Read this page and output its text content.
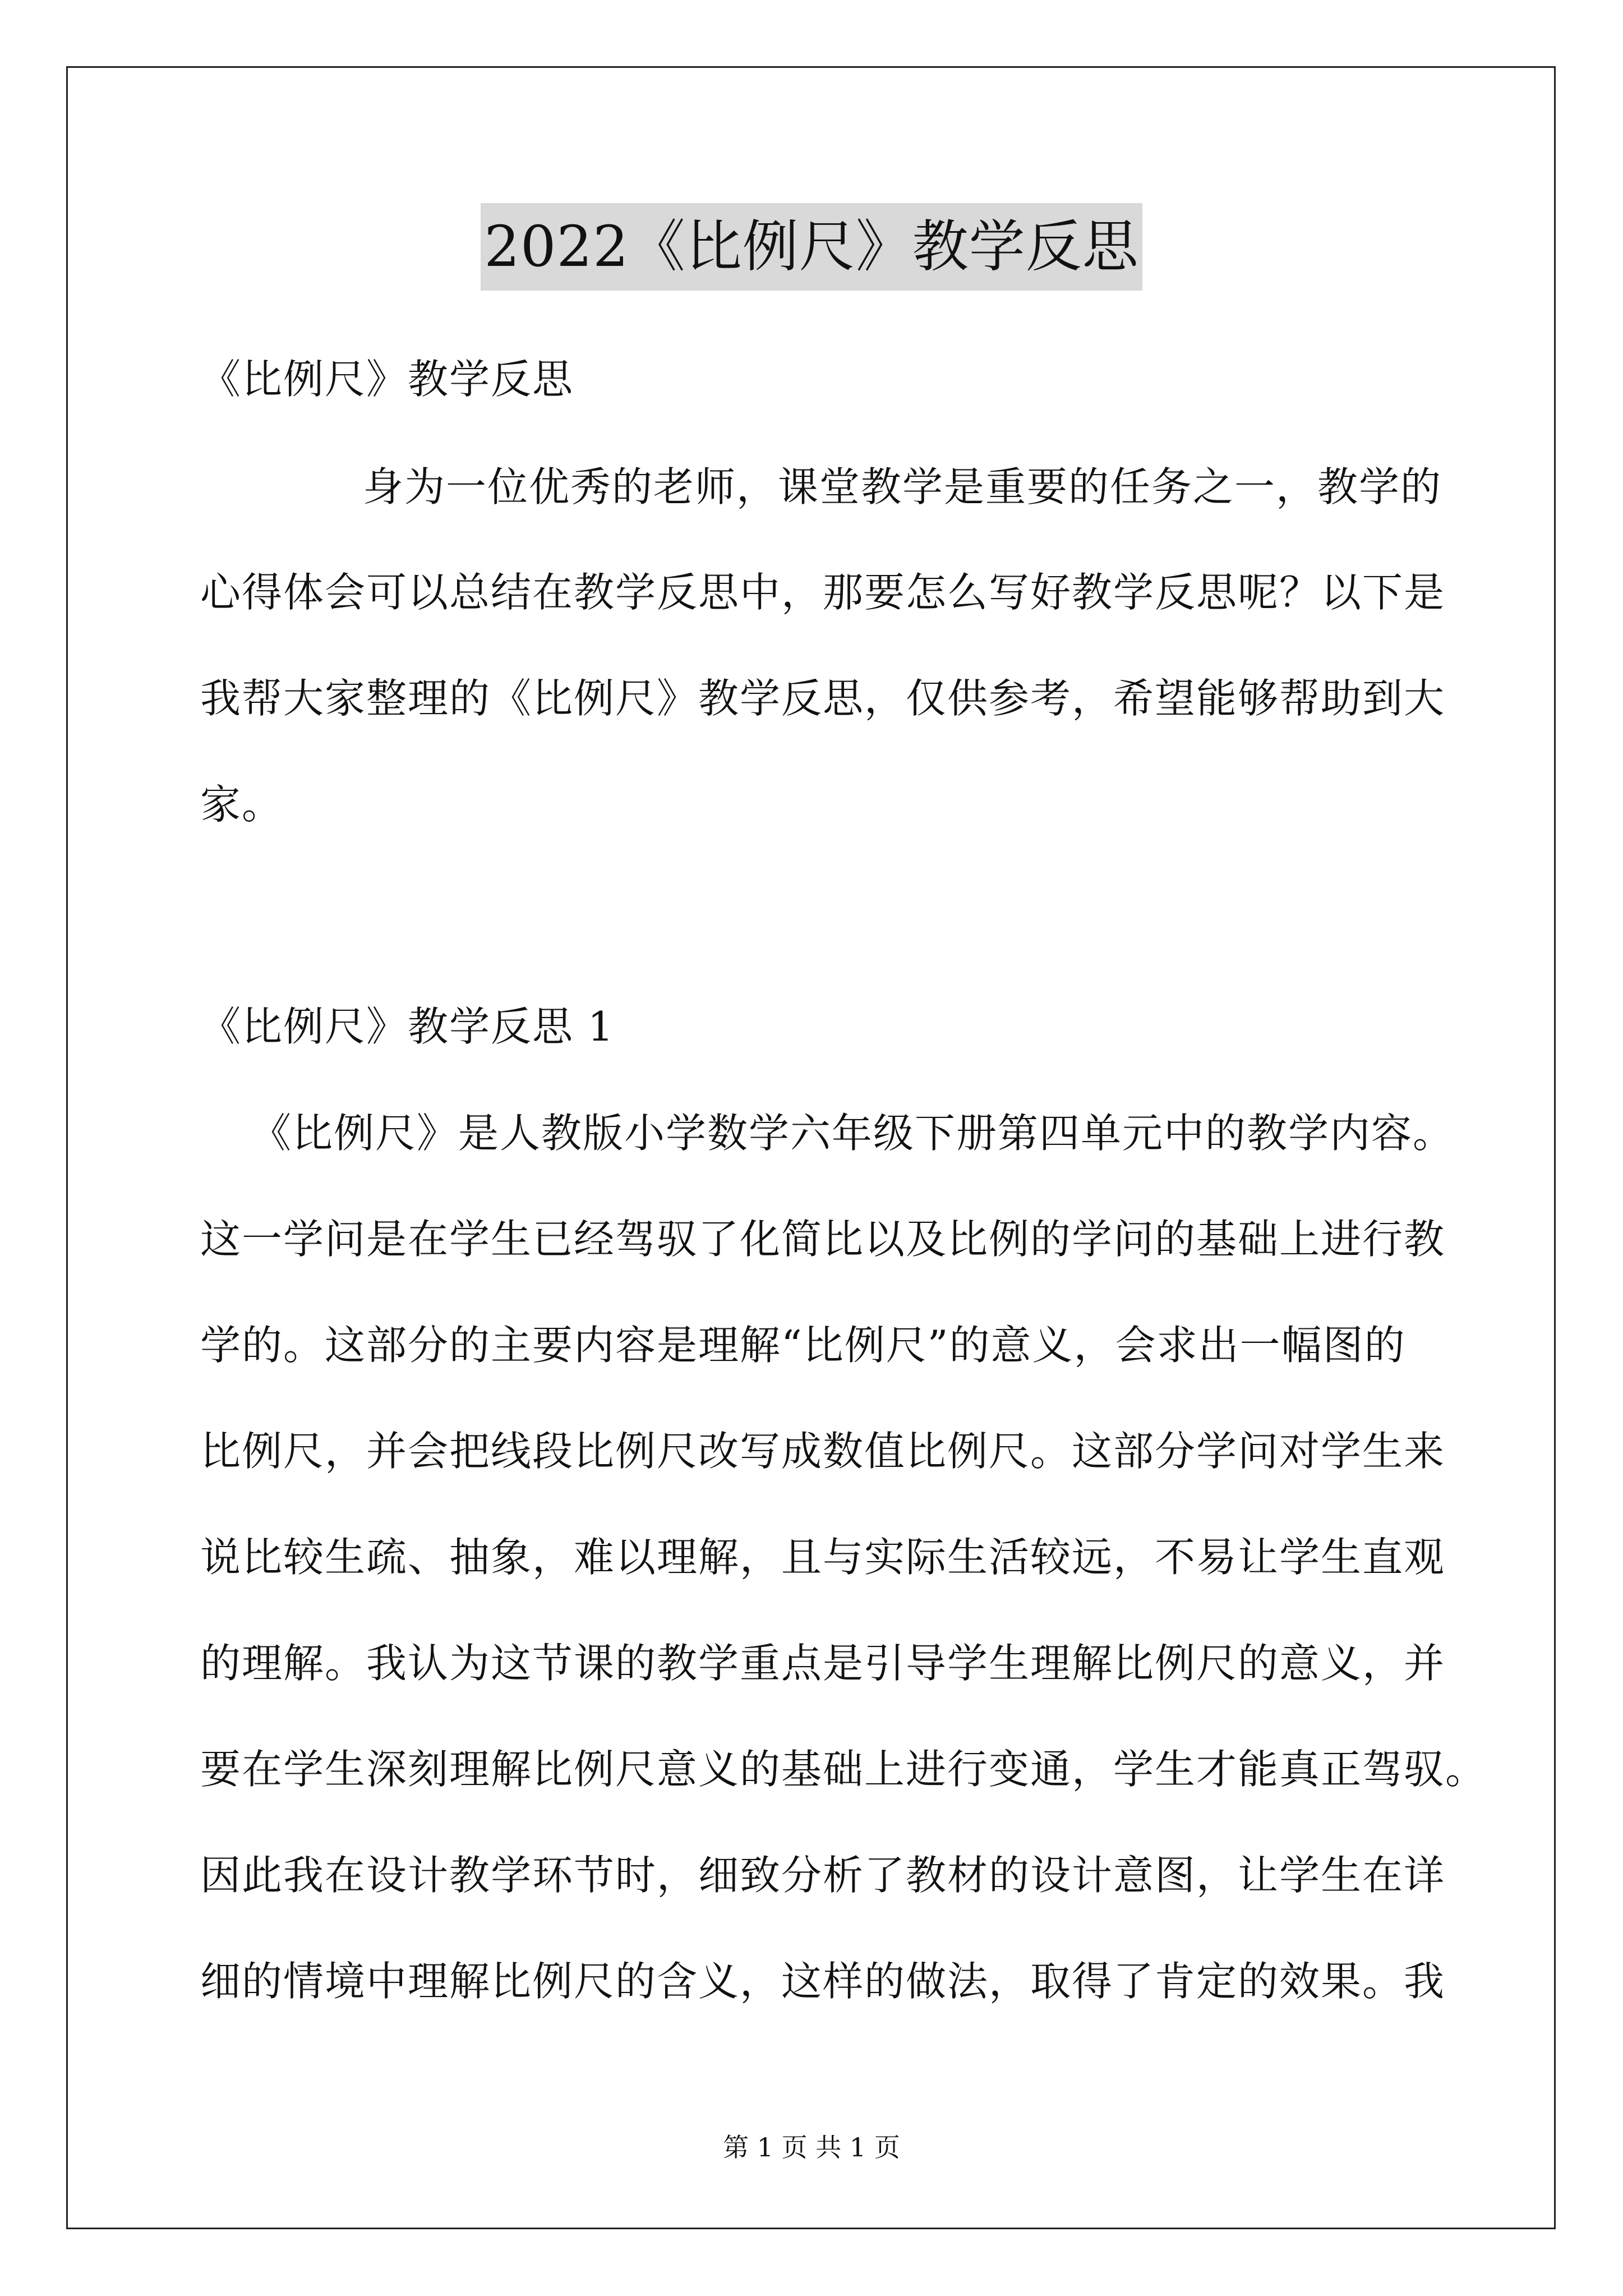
2022《比例尺》教学反思
《比例尺》教学反思
身为一位优秀的老师，课堂教学是重要的任务之一，教学的
心得体会可以总结在教学反思中，那要怎么写好教学反思呢？以下是
我帮大家整理的《比例尺》教学反思，仅供参考，希望能够帮助到大
家。
《比例尺》教学反思 1
《比例尺》是人教版小学数学六年级下册第四单元中的教学内容。
这一学问是在学生已经驾驭了化简比以及比例的学问的基础上进行教
学的。这部分的主要内容是理解“比例尺”的意义，会求出一幅图的
比例尺，并会把线段比例尺改写成数值比例尺。这部分学问对学生来
说比较生疏、抽象，难以理解，且与实际生活较远，不易让学生直观
的理解。我认为这节课的教学重点是引导学生理解比例尺的意义，并
要在学生深刻理解比例尺意义的基础上进行变通，学生才能真正驾驭。
因此我在设计教学环节时，细致分析了教材的设计意图，让学生在详
细的情境中理解比例尺的含义，这样的做法，取得了肯定的效果。我
第 1 页 共 1 页
